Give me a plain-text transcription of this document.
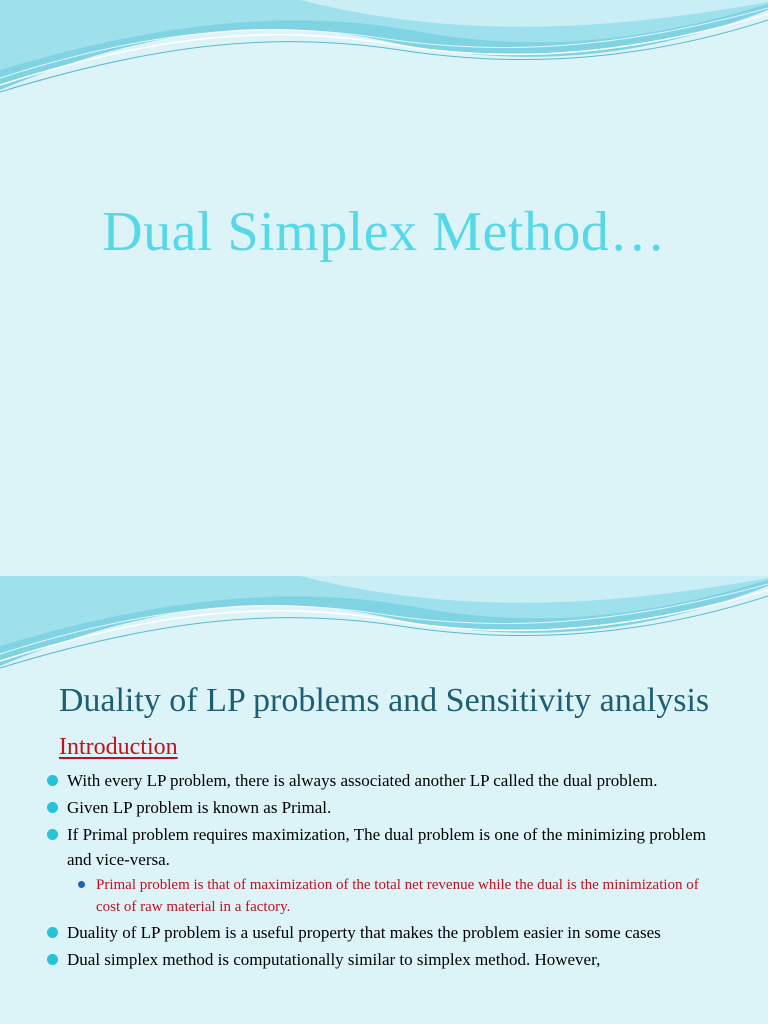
Dual Simplex Method…
Duality of LP problems and Sensitivity analysis
Introduction
With every LP problem, there is always associated another LP called the dual problem.
Given LP problem is known as Primal.
If Primal problem requires maximization, The dual problem is one of the minimizing problem and vice-versa.
Primal problem is that of maximization of the total net revenue while the dual is the minimization of cost of raw material in a factory.
Duality of LP problem is a useful property that makes the problem easier in some cases
Dual simplex method is computationally similar to simplex method. However,
